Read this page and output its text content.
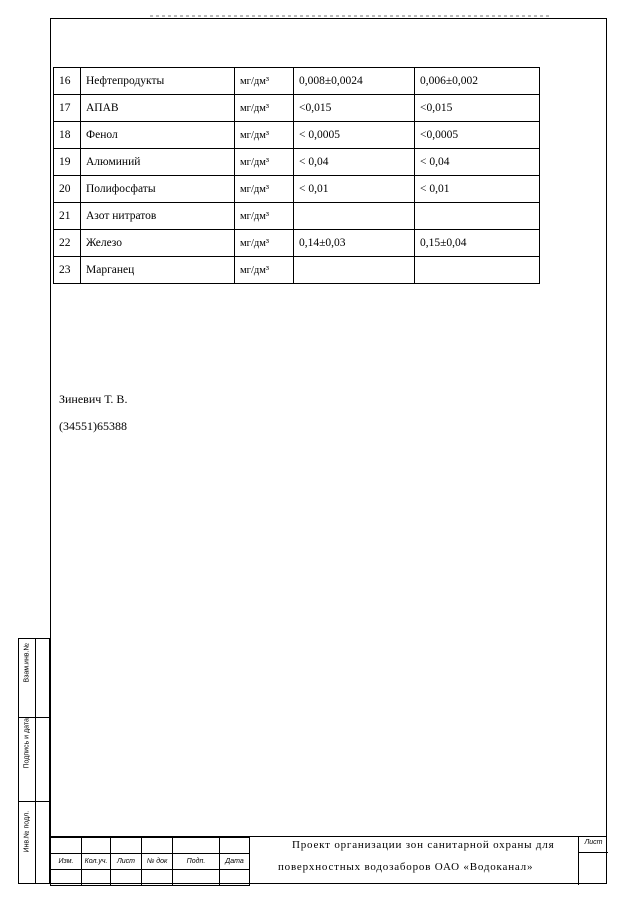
16	Нефтепродукты	мг/дм³	0,008±0,0024	0,006±0,002
17	АПАВ	мг/дм³	<0,015	<0,015
18	Фенол	мг/дм³	< 0,0005	<0,0005
19	Алюминий	мг/дм³	< 0,04	< 0,04
20	Полифосфаты	мг/дм³	< 0,01	< 0,01
21	Азот нитратов	мг/дм³		
22	Железо	мг/дм³	0,14±0,03	0,15±0,04
23	Марганец	мг/дм³		
Зиневич Т. В.
(34551)65388
Взам.инв.№
Подпись и дата
Инв.№ подл.

Изм.	Кол.уч.	Лист	№ док	Подп.	Дата

Проект организации зон санитарной охраны для
поверхностных водозаборов ОАО «Водоканал»
Лист
